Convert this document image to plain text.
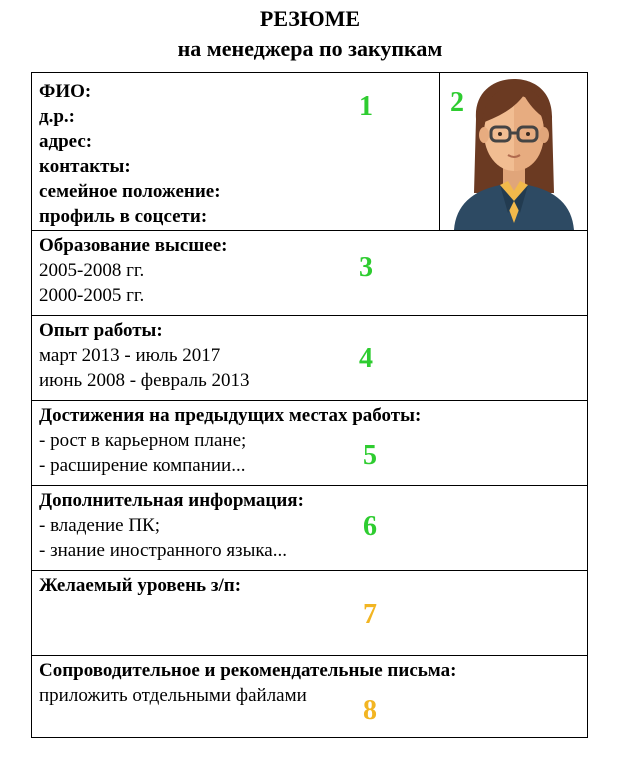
РЕЗЮМЕ
на менеджера по закупкам
ФИО:
д.р.:
адрес:
контакты:
семейное положение:
профиль в соцсети:
1	2
Образование высшее:
2005-2008 гг.
2000-2005 гг.
3
Опыт работы:
март 2013 - июль 2017
июнь 2008 - февраль 2013
4
Достижения на предыдущих местах работы:
- рост в карьерном плане;
- расширение компании...	5
Дополнительная информация:
- владение ПК;
- знание иностранного языка...
6
Желаемый уровень з/п:
7
Сопроводительное и рекомендательные письма:
приложить отдельными файлами	8
